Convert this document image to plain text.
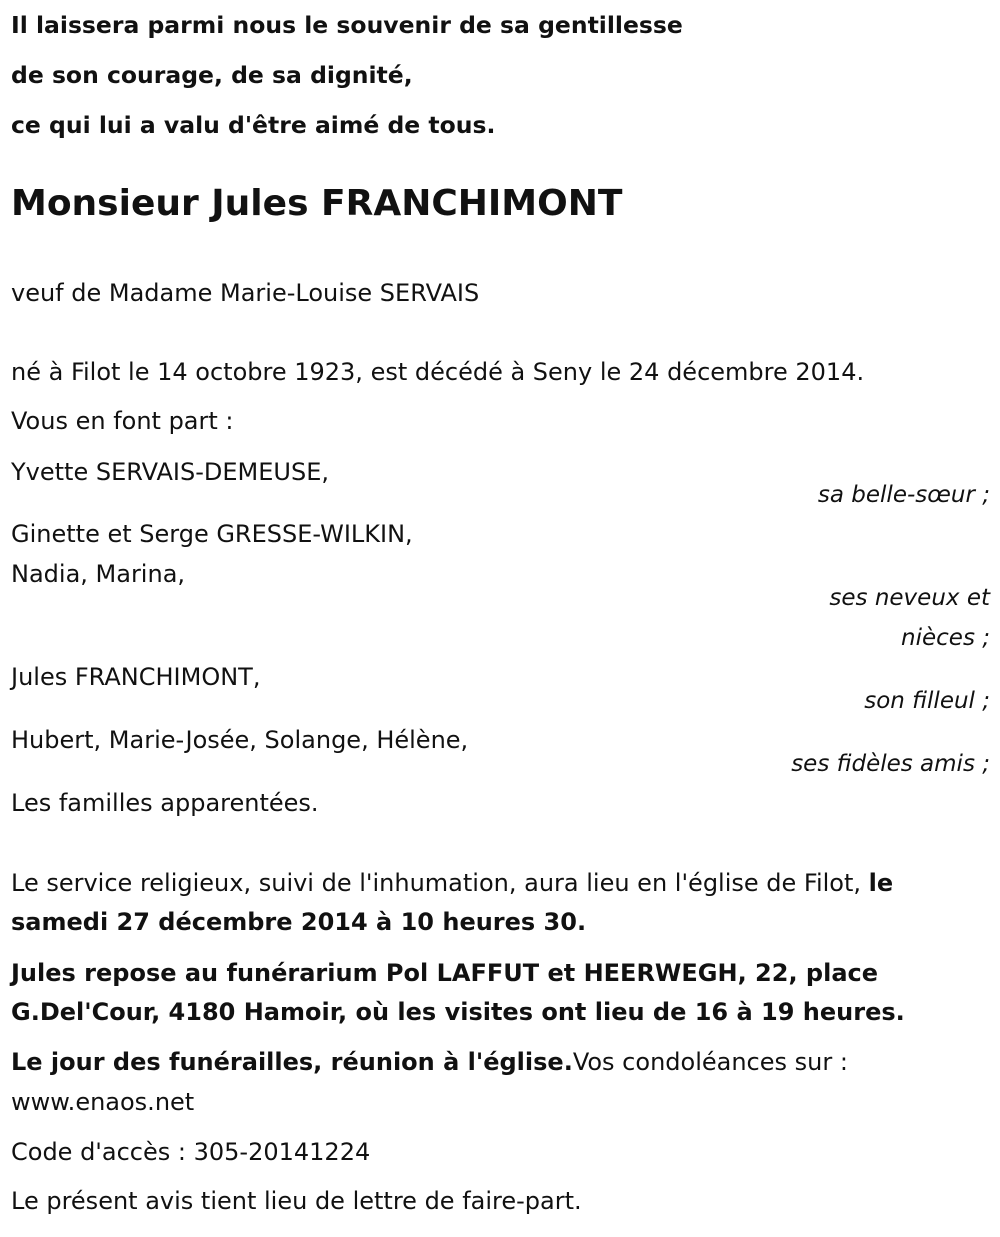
Il laissera parmi nous le souvenir de sa gentillesse
de son courage, de sa dignité,
ce qui lui a valu d'être aimé de tous.
Monsieur Jules FRANCHIMONT
veuf de Madame Marie-Louise SERVAIS
né à Filot le 14 octobre 1923, est décédé à Seny le 24 décembre 2014.
Vous en font part :
Yvette SERVAIS-DEMEUSE,
sa belle-sœur ;
Ginette et Serge GRESSE-WILKIN,
Nadia, Marina,
ses neveux et
nièces ;
Jules FRANCHIMONT,
son filleul ;
Hubert, Marie-Josée, Solange, Hélène,
ses fidèles amis ;
Les familles apparentées.
Le service religieux, suivi de l'inhumation, aura lieu en l'église de Filot, le
samedi 27 décembre 2014 à 10 heures 30.
Jules repose au funérarium Pol LAFFUT et HEERWEGH, 22, place
G.Del'Cour, 4180 Hamoir, où les visites ont lieu de 16 à 19 heures.
Le jour des funérailles, réunion à l'église.Vos condoléances sur :
www.enaos.net
Code d'accès : 305-20141224
Le présent avis tient lieu de lettre de faire-part.
